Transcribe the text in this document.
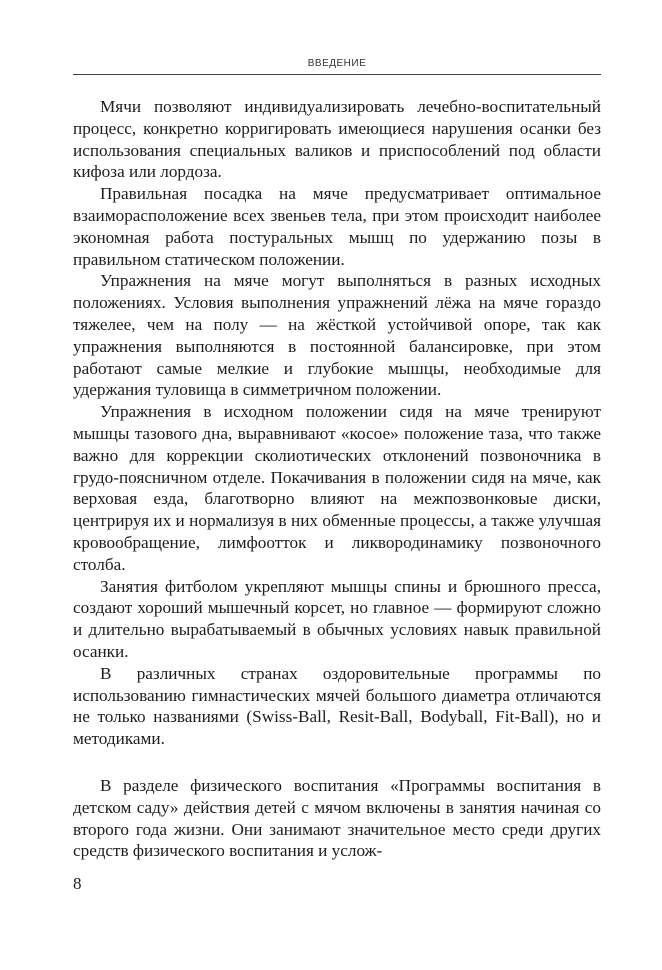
ВВЕДЕНИЕ

Мячи позволяют индивидуализировать лечебно-воспитательный процесс, конкретно корригировать имеющиеся нарушения осанки без использования специальных валиков и приспособлений под области кифоза или лордоза.

Правильная посадка на мяче предусматривает оптимальное взаиморасположение всех звеньев тела, при этом происходит наиболее экономная работа постуральных мышц по удержанию позы в правильном статическом положении.

Упражнения на мяче могут выполняться в разных исходных положениях. Условия выполнения упражнений лёжа на мяче гораздо тяжелее, чем на полу — на жёсткой устойчивой опоре, так как упражнения выполняются в постоянной балансировке, при этом работают самые мелкие и глубокие мышцы, необходимые для удержания туловища в симметричном положении.

Упражнения в исходном положении сидя на мяче тренируют мышцы тазового дна, выравнивают «косое» положение таза, что также важно для коррекции сколиотических отклонений позвоночника в грудо-поясничном отделе. Покачивания в положении сидя на мяче, как верховая езда, благотворно влияют на межпозвонковые диски, центрируя их и нормализуя в них обменные процессы, а также улучшая кровообращение, лимфоотток и ликвородинамику позвоночного столба.

Занятия фитболом укрепляют мышцы спины и брюшного пресса, создают хороший мышечный корсет, но главное — формируют сложно и длительно вырабатываемый в обычных условиях навык правильной осанки.

В различных странах оздоровительные программы по использованию гимнастических мячей большого диаметра отличаются не только названиями (Swiss-Ball, Resit-Ball, Bodyball, Fit-Ball), но и методиками.

В разделе физического воспитания «Программы воспитания в детском саду» действия детей с мячом включены в занятия начиная со второго года жизни. Они занимают значительное место среди других средств физического воспитания и услож-

8
